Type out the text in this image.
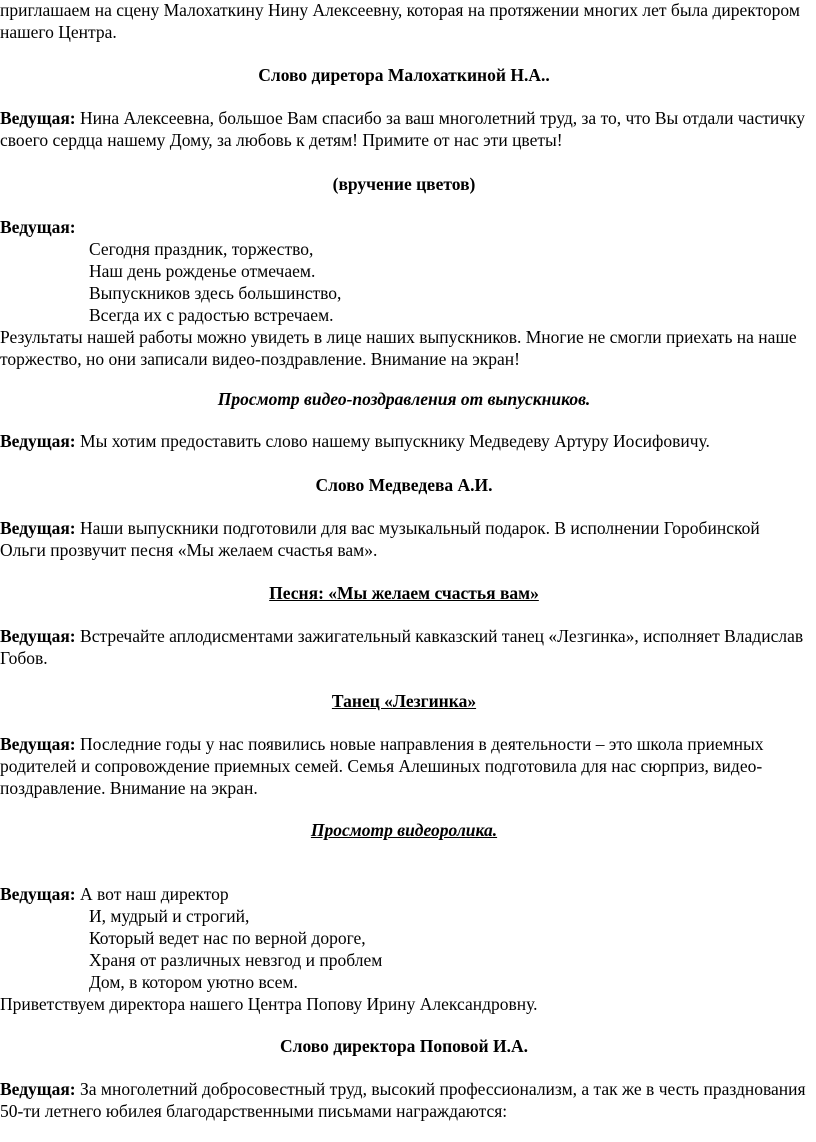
приглашаем на сцену Малохаткину Нину Алексеевну, которая на протяжении многих лет была директором нашего Центра.

Слово диретора Малохаткиной Н.А..

Ведущая: Нина Алексеевна, большое Вам спасибо за ваш многолетний труд, за то, что Вы отдали частичку своего сердца нашему Дому, за любовь к детям! Примите от нас эти цветы!

(вручение цветов)

Ведущая:

Сегодня праздник, торжество,

Наш день рожденье отмечаем.

Выпускников здесь большинство,

Всегда их с радостью встречаем.

Результаты нашей работы можно увидеть в лице наших выпускников. Многие не смогли приехать на наше торжество, но они записали видео-поздравление. Внимание на экран!

Просмотр видео-поздравления от выпускников.

Ведущая: Мы хотим предоставить слово нашему выпускнику Медведеву Артуру Иосифовичу.

Слово Медведева А.И.

Ведущая: Наши выпускники подготовили для вас музыкальный подарок. В исполнении Горобинской Ольги прозвучит песня «Мы желаем счастья вам».

Песня: «Мы желаем счастья вам»

Ведущая: Встречайте аплодисментами зажигательный кавказский танец «Лезгинка», исполняет Владислав Гобов.

Танец «Лезгинка»

Ведущая: Последние годы у нас появились новые направления в деятельности – это школа приемных родителей и сопровождение приемных семей. Семья Алешиных подготовила для нас сюрприз, видео-поздравление. Внимание на экран.

Просмотр видеоролика.

Ведущая: А вот наш директор

И, мудрый и строгий,

Который ведет нас по верной дороге,

Храня от различных невзгод и проблем

Дом, в котором уютно всем.

Приветствуем директора нашего Центра Попову Ирину Александровну.

Слово директора Поповой И.А.

Ведущая: За многолетний добросовестный труд, высокий профессионализм, а так же в честь празднования 50-ти летнего юбилея благодарственными письмами награждаются:
